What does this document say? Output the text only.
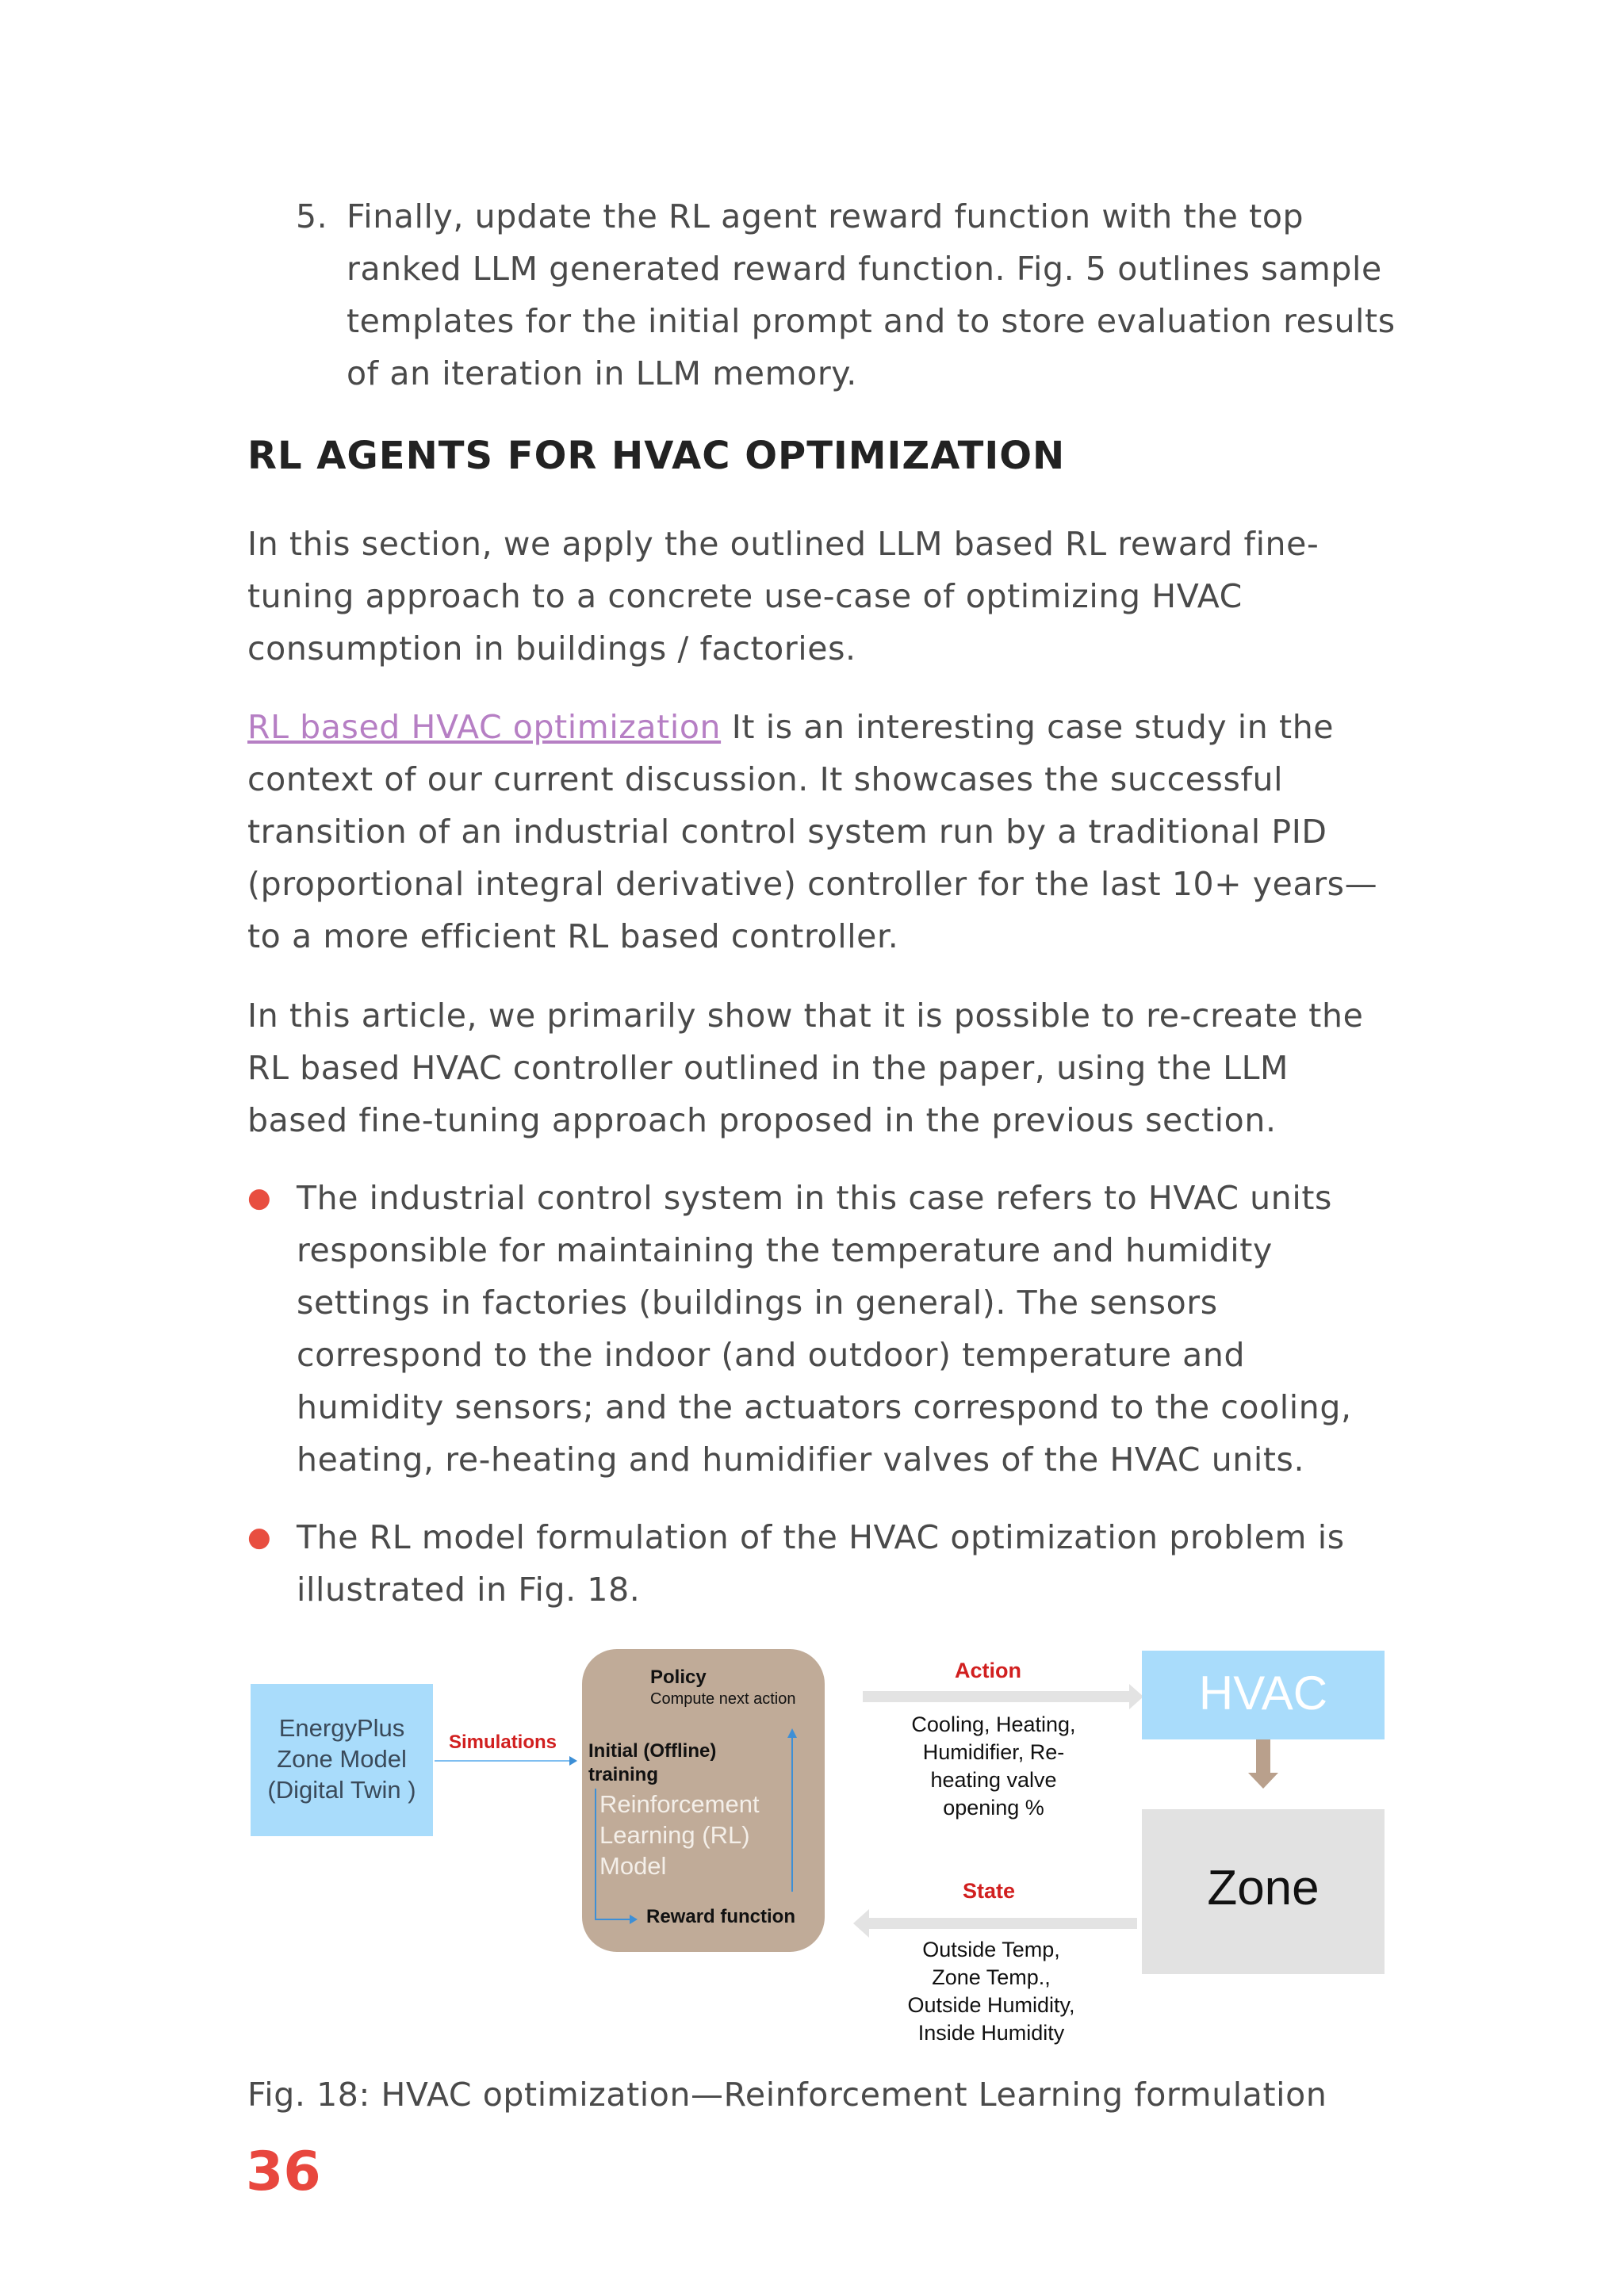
5. Finally, update the RL agent reward function with the top
ranked LLM generated reward function. Fig. 5 outlines sample
templates for the initial prompt and to store evaluation results
of an iteration in LLM memory.
RL AGENTS FOR HVAC OPTIMIZATION
In this section, we apply the outlined LLM based RL reward fine-
tuning approach to a concrete use-case of optimizing HVAC
consumption in buildings / factories.
RL based HVAC optimization It is an interesting case study in the
context of our current discussion. It showcases the successful
transition of an industrial control system run by a traditional PID
(proportional integral derivative) controller for the last 10+ years—
to a more efficient RL based controller.
In this article, we primarily show that it is possible to re-create the
RL based HVAC controller outlined in the paper, using the LLM
based fine-tuning approach proposed in the previous section.
● The industrial control system in this case refers to HVAC units
responsible for maintaining the temperature and humidity
settings in factories (buildings in general). The sensors
correspond to the indoor (and outdoor) temperature and
humidity sensors; and the actuators correspond to the cooling,
heating, re-heating and humidifier valves of the HVAC units.
● The RL model formulation of the HVAC optimization problem is
illustrated in Fig. 18.
EnergyPlus
Zone Model
(Digital Twin )
Simulations
Policy
Compute next action
Initial (Offline)
training
Reinforcement
Learning (RL)
Model
Reward function
Action
Cooling, Heating,
Humidifier, Re-
heating valve
opening %
HVAC
Zone
State
Outside Temp,
Zone Temp.,
Outside Humidity,
Inside Humidity
Fig. 18: HVAC optimization—Reinforcement Learning formulation
36
